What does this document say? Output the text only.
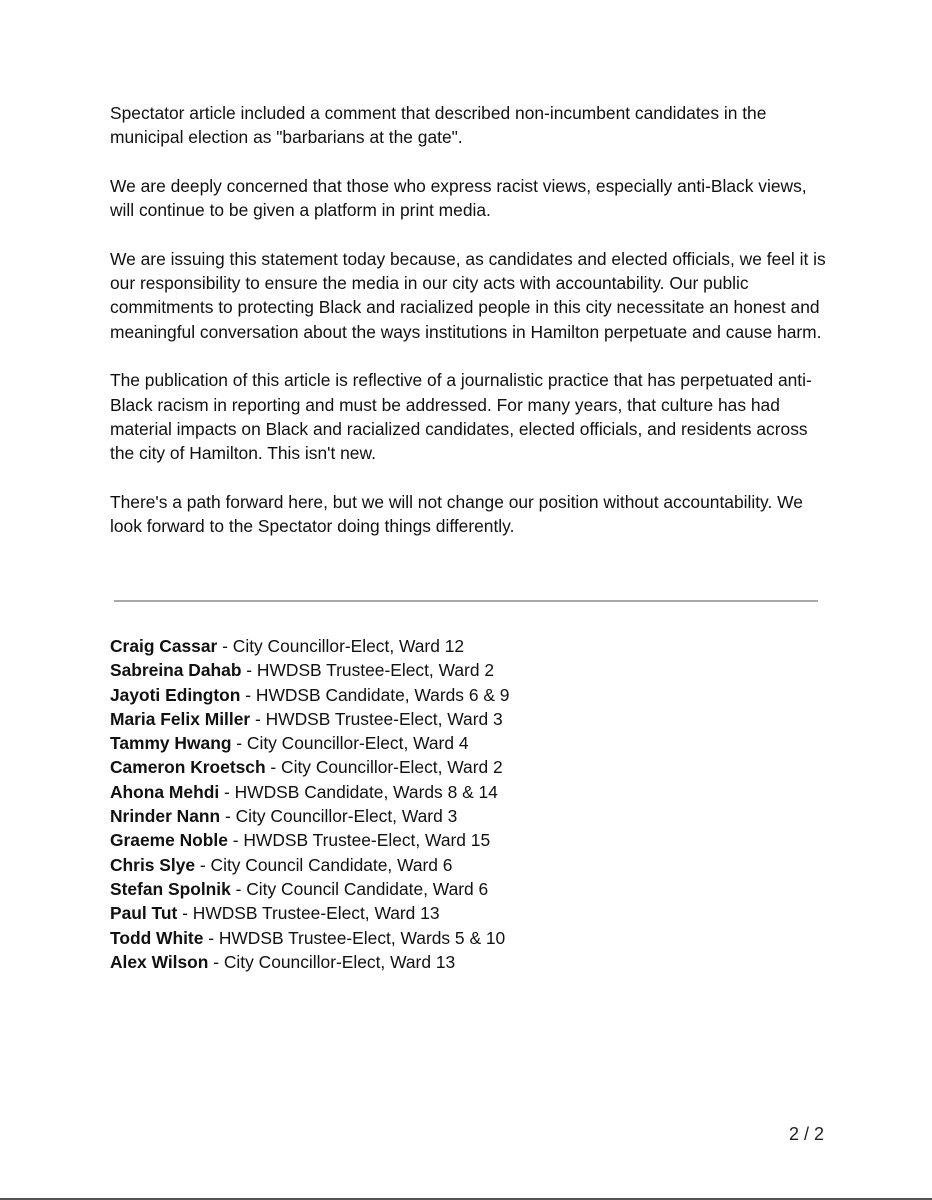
Spectator article included a comment that described non-incumbent candidates in the municipal election as "barbarians at the gate".

We are deeply concerned that those who express racist views, especially anti-Black views, will continue to be given a platform in print media.

We are issuing this statement today because, as candidates and elected officials, we feel it is our responsibility to ensure the media in our city acts with accountability. Our public commitments to protecting Black and racialized people in this city necessitate an honest and meaningful conversation about the ways institutions in Hamilton perpetuate and cause harm.

The publication of this article is reflective of a journalistic practice that has perpetuated anti-Black racism in reporting and must be addressed. For many years, that culture has had material impacts on Black and racialized candidates, elected officials, and residents across the city of Hamilton. This isn't new.

There's a path forward here, but we will not change our position without accountability. We look forward to the Spectator doing things differently.

Craig Cassar - City Councillor-Elect, Ward 12
Sabreina Dahab - HWDSB Trustee-Elect, Ward 2
Jayoti Edington - HWDSB Candidate, Wards 6 & 9
Maria Felix Miller - HWDSB Trustee-Elect, Ward 3
Tammy Hwang - City Councillor-Elect, Ward 4
Cameron Kroetsch - City Councillor-Elect, Ward 2
Ahona Mehdi - HWDSB Candidate, Wards 8 & 14
Nrinder Nann - City Councillor-Elect, Ward 3
Graeme Noble - HWDSB Trustee-Elect, Ward 15
Chris Slye - City Council Candidate, Ward 6
Stefan Spolnik - City Council Candidate, Ward 6
Paul Tut - HWDSB Trustee-Elect, Ward 13
Todd White - HWDSB Trustee-Elect, Wards 5 & 10
Alex Wilson - City Councillor-Elect, Ward 13
2 / 2
